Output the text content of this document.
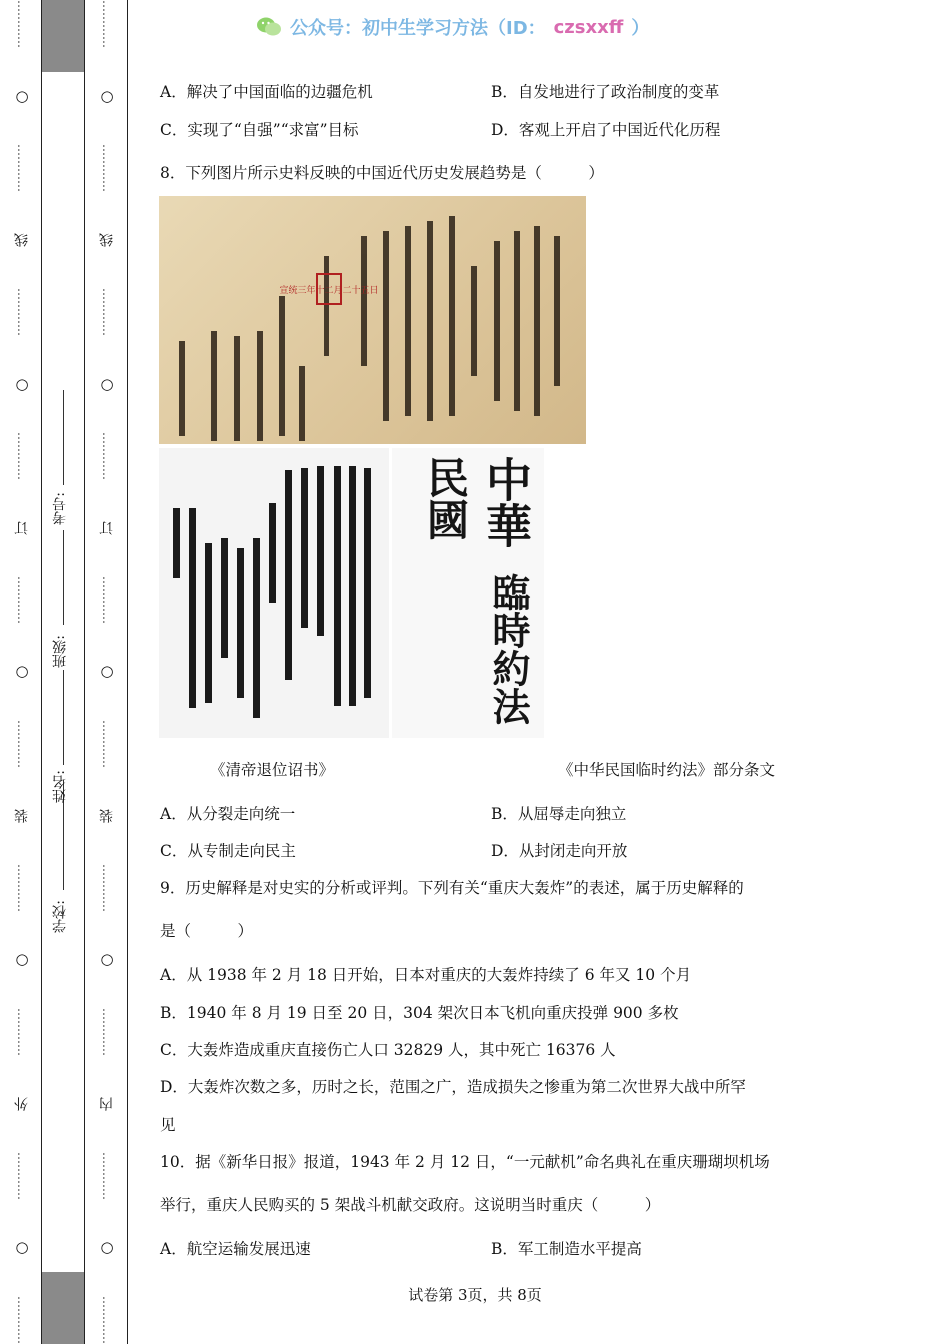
…………
○
…………
线
…………
○
…………
订
…………
○
…………
装
…………
○
…………
外
…………
○
…………
学校:
姓名:
班级:
考号:
…………
○
…………
线
…………
○
…………
订
…………
○
…………
装
…………
○
…………
内
…………
○
…………
公众号：初中生学习方法（ID： czsxxff ）
A．解决了中国面临的边疆危机	B．自发地进行了政治制度的变革
C．实现了“自强”“求富”目标	D．客观上开启了中国近代化历程
8．下列图片所示史料反映的中国近代历史发展趋势是（　　　）
宣统三年十二月二十五日
中華
民國
臨時約法
《清帝退位诏书》	《中华民国临时约法》部分条文
A．从分裂走向统一	B．从屈辱走向独立
C．从专制走向民主	D．从封闭走向开放
9．历史解释是对史实的分析或评判。下列有关“重庆大轰炸”的表述，属于历史解释的
是（　　　）
A．从 1938 年 2 月 18 日开始，日本对重庆的大轰炸持续了 6 年又 10 个月
B．1940 年 8 月 19 日至 20 日，304 架次日本飞机向重庆投弹 900 多枚
C．大轰炸造成重庆直接伤亡人口 32829 人，其中死亡 16376 人
D．大轰炸次数之多，历时之长，范围之广，造成损失之惨重为第二次世界大战中所罕
见
10．据《新华日报》报道，1943 年 2 月 12 日，“一元献机”命名典礼在重庆珊瑚坝机场
举行，重庆人民购买的 5 架战斗机献交政府。这说明当时重庆（　　　）
A．航空运输发展迅速	B．军工制造水平提高
试卷第 3页，共 8页
